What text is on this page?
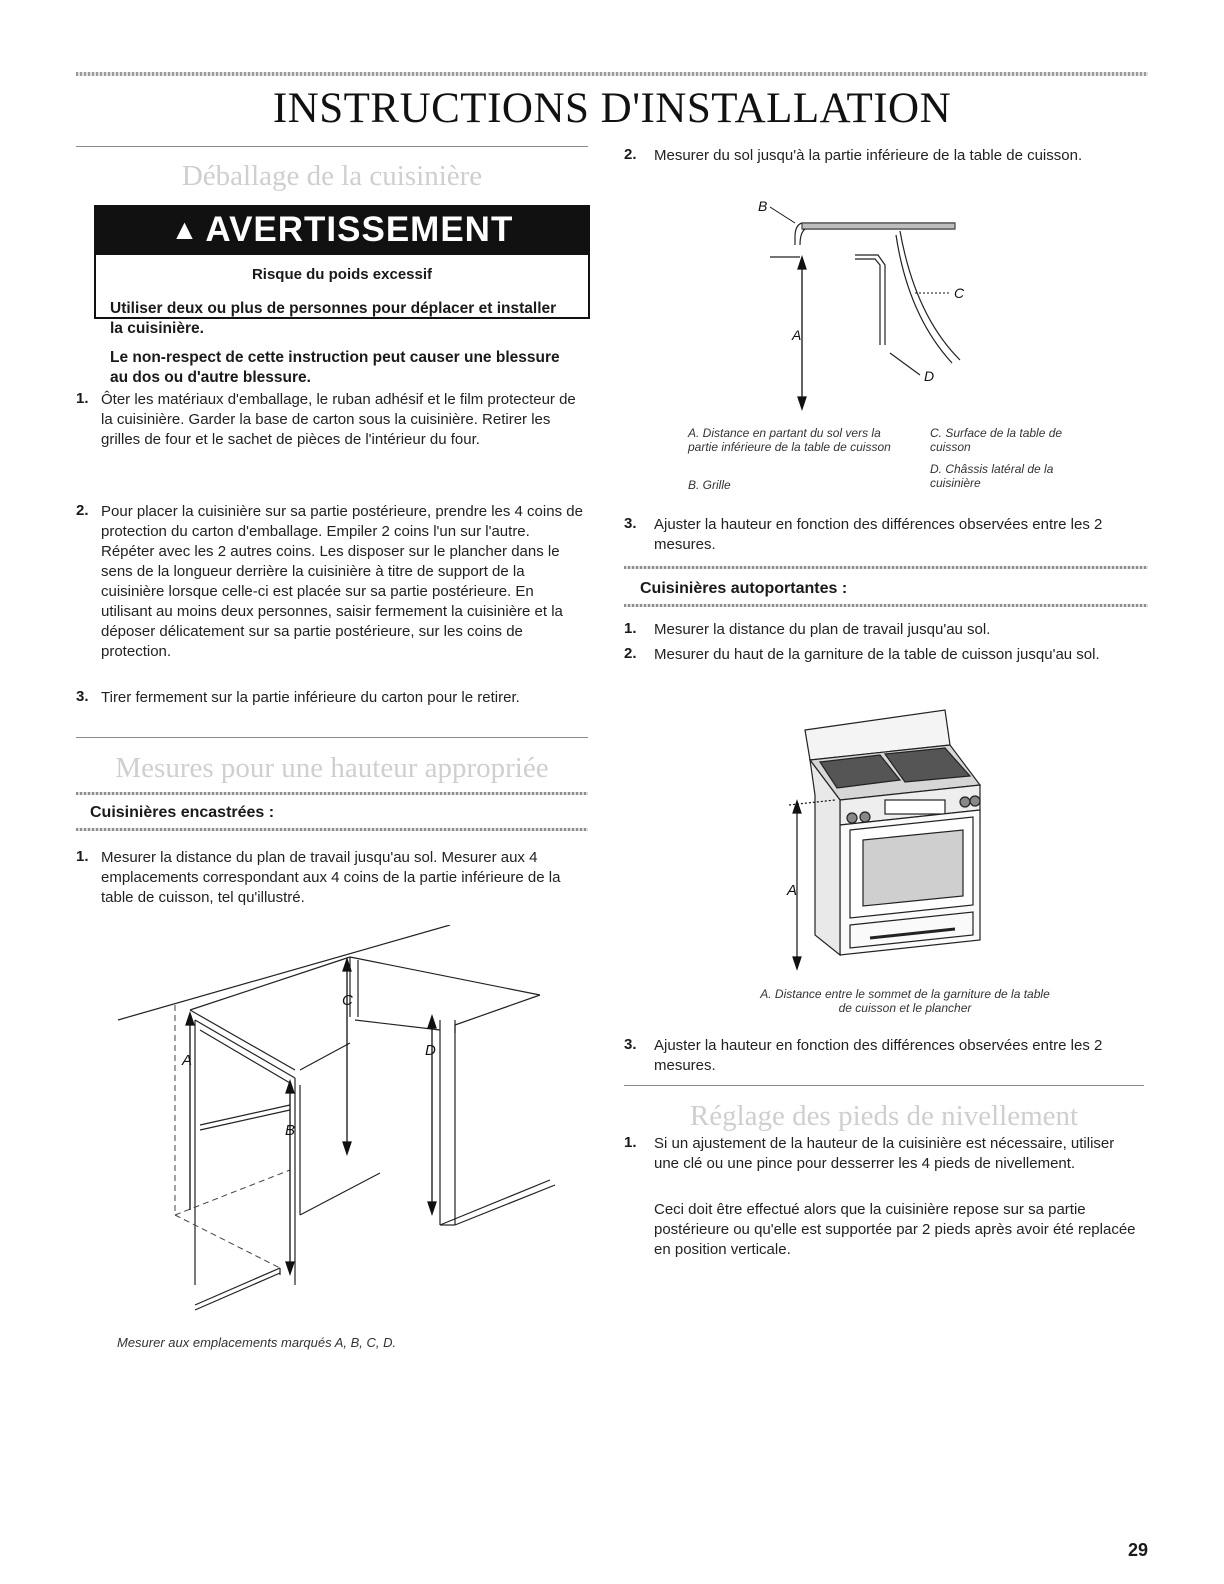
INSTRUCTIONS D'INSTALLATION
Déballage de la cuisinière
▲ AVERTISSEMENT
Risque du poids excessif
Utiliser deux ou plus de personnes pour déplacer et installer la cuisinière.
Le non-respect de cette instruction peut causer une blessure au dos ou d'autre blessure.
1. Ôter les matériaux d'emballage, le ruban adhésif et le film protecteur de la cuisinière. Garder la base de carton sous la cuisinière. Retirer les grilles de four et le sachet de pièces de l'intérieur du four.
2. Pour placer la cuisinière sur sa partie postérieure, prendre les 4 coins de protection du carton d'emballage. Empiler 2 coins l'un sur l'autre. Répéter avec les 2 autres coins. Les disposer sur le plancher dans le sens de la longueur derrière la cuisinière à titre de support de la cuisinière lorsque celle-ci est placée sur sa partie postérieure. En utilisant au moins deux personnes, saisir fermement la cuisinière et la déposer délicatement sur sa partie postérieure, sur les coins de protection.
3. Tirer fermement sur la partie inférieure du carton pour le retirer.
Mesures pour une hauteur appropriée
Cuisinières encastrées :
1. Mesurer la distance du plan de travail jusqu'au sol. Mesurer aux 4 emplacements correspondant aux 4 coins de la partie inférieure de la table de cuisson, tel qu'illustré.
A
B
C
D
Mesurer aux emplacements marqués A, B, C, D.
2. Mesurer du sol jusqu'à la partie inférieure de la table de cuisson.
B
C
A
D
A. Distance en partant du sol vers la partie inférieure de la table de cuisson
B. Grille
C. Surface de la table de cuisson
D. Châssis latéral de la cuisinière
3. Ajuster la hauteur en fonction des différences observées entre les 2 mesures.
Cuisinières autoportantes :
1. Mesurer la distance du plan de travail jusqu'au sol.
2. Mesurer du haut de la garniture de la table de cuisson jusqu'au sol.
A
A. Distance entre le sommet de la garniture de la table de cuisson et le plancher
3. Ajuster la hauteur en fonction des différences observées entre les 2 mesures.
Réglage des pieds de nivellement
1. Si un ajustement de la hauteur de la cuisinière est nécessaire, utiliser une clé ou une pince pour desserrer les 4 pieds de nivellement.
Ceci doit être effectué alors que la cuisinière repose sur sa partie postérieure ou qu'elle est supportée par 2 pieds après avoir été replacée en position verticale.
29
